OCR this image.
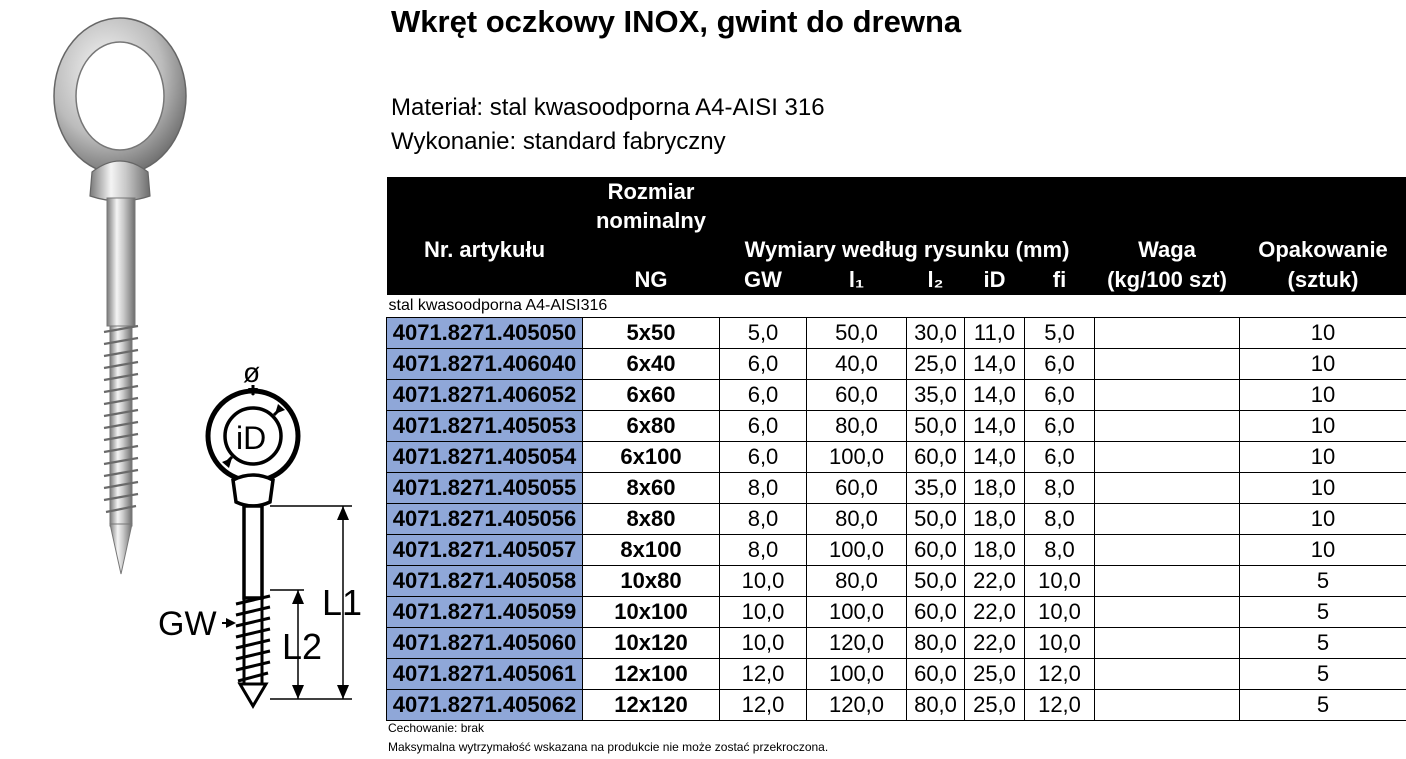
ø
iD
GW
L1
L2
Wkręt oczkowy INOX, gwint do drewna
Materiał: stal kwasoodporna A4-AISI 316
Wykonanie: standard fabryczny
	Rozmiar							
	nominalny							
Nr. artykułu		Wymiary według rysunku (mm)					Waga	Opakowanie
	NG	GW	l₁	l₂	iD	fi	(kg/100 szt)	(sztuk)
stal kwasoodporna A4-AISI316								
4071.8271.405050	5x50	5,0	50,0	30,0	11,0	5,0		10
4071.8271.406040	6x40	6,0	40,0	25,0	14,0	6,0		10
4071.8271.406052	6x60	6,0	60,0	35,0	14,0	6,0		10
4071.8271.405053	6x80	6,0	80,0	50,0	14,0	6,0		10
4071.8271.405054	6x100	6,0	100,0	60,0	14,0	6,0		10
4071.8271.405055	8x60	8,0	60,0	35,0	18,0	8,0		10
4071.8271.405056	8x80	8,0	80,0	50,0	18,0	8,0		10
4071.8271.405057	8x100	8,0	100,0	60,0	18,0	8,0		10
4071.8271.405058	10x80	10,0	80,0	50,0	22,0	10,0		5
4071.8271.405059	10x100	10,0	100,0	60,0	22,0	10,0		5
4071.8271.405060	10x120	10,0	120,0	80,0	22,0	10,0		5
4071.8271.405061	12x100	12,0	100,0	60,0	25,0	12,0		5
4071.8271.405062	12x120	12,0	120,0	80,0	25,0	12,0		5
Cechowanie: brak
Maksymalna wytrzymałość wskazana na produkcie nie może zostać przekroczona.
